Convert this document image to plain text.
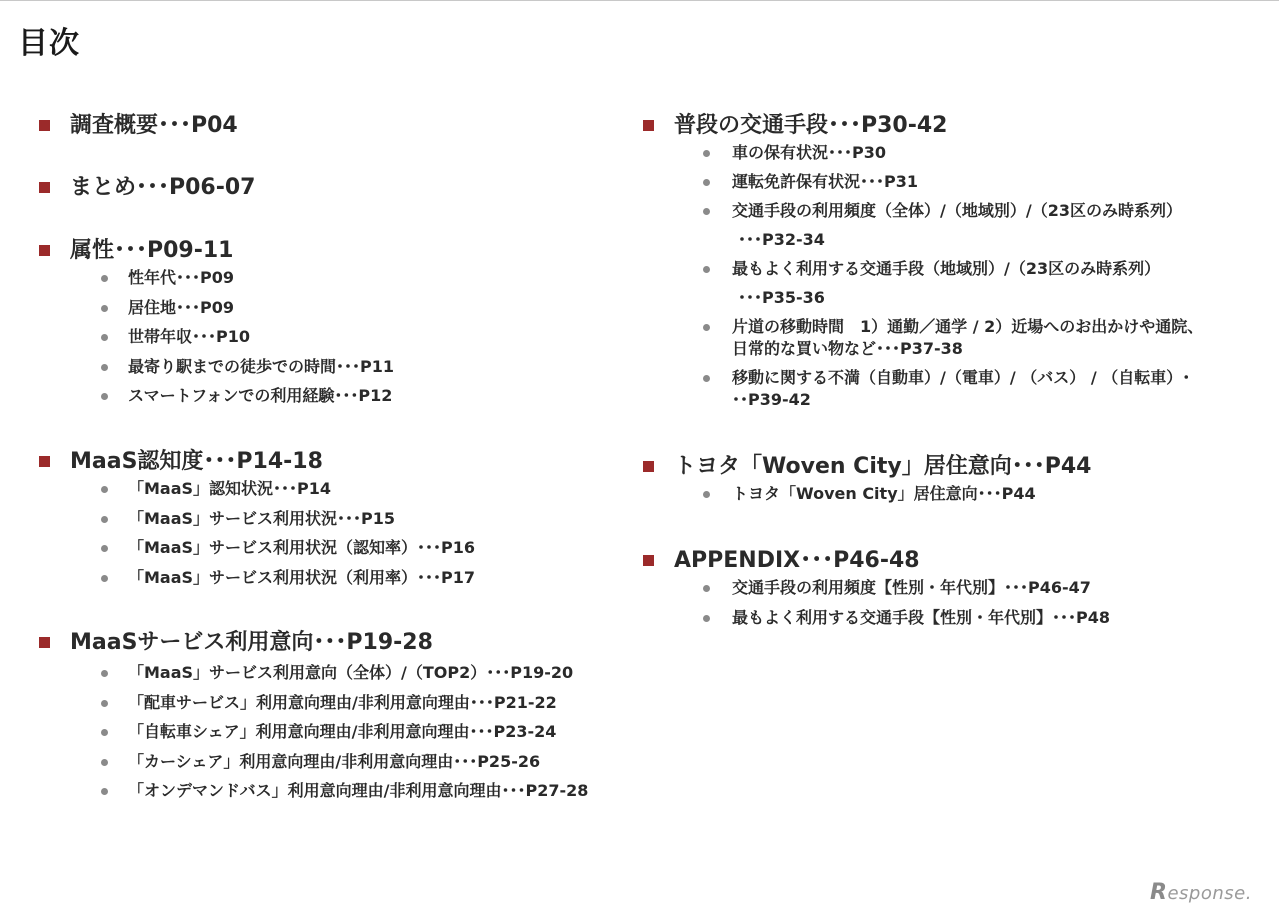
目次
調査概要･･･P04
まとめ･･･P06-07
属性･･･P09-11
性年代･･･P09
居住地･･･P09
世帯年収･･･P10
最寄り駅までの徒歩での時間･･･P11
スマートフォンでの利用経験･･･P12
MaaS認知度･･･P14-18
「MaaS」認知状況･･･P14
「MaaS」サービス利用状況･･･P15
「MaaS」サービス利用状況（認知率）･･･P16
「MaaS」サービス利用状況（利用率）･･･P17
MaaSサービス利用意向･･･P19-28
「MaaS」サービス利用意向（全体）/（TOP2）･･･P19-20
「配車サービス」利用意向理由/非利用意向理由･･･P21-22
「自転車シェア」利用意向理由/非利用意向理由･･･P23-24
「カーシェア」利用意向理由/非利用意向理由･･･P25-26
「オンデマンドバス」利用意向理由/非利用意向理由･･･P27-28
普段の交通手段･･･P30-42
車の保有状況･･･P30
運転免許保有状況･･･P31
交通手段の利用頻度（全体）/（地域別）/（23区のみ時系列）
･･･P32-34
最もよく利用する交通手段（地域別）/（23区のみ時系列）
･･･P35-36
片道の移動時間　1）通勤／通学 / 2）近場へのお出かけや通院、
日常的な買い物など･･･P37-38
移動に関する不満（自動車）/（電車）/ （バス） / （自転車）･
･･P39-42
トヨタ「Woven City」居住意向･･･P44
トヨタ「Woven City」居住意向･･･P44
APPENDIX･･･P46-48
交通手段の利用頻度【性別・年代別】･･･P46-47
最もよく利用する交通手段【性別・年代別】･･･P48
Response.
